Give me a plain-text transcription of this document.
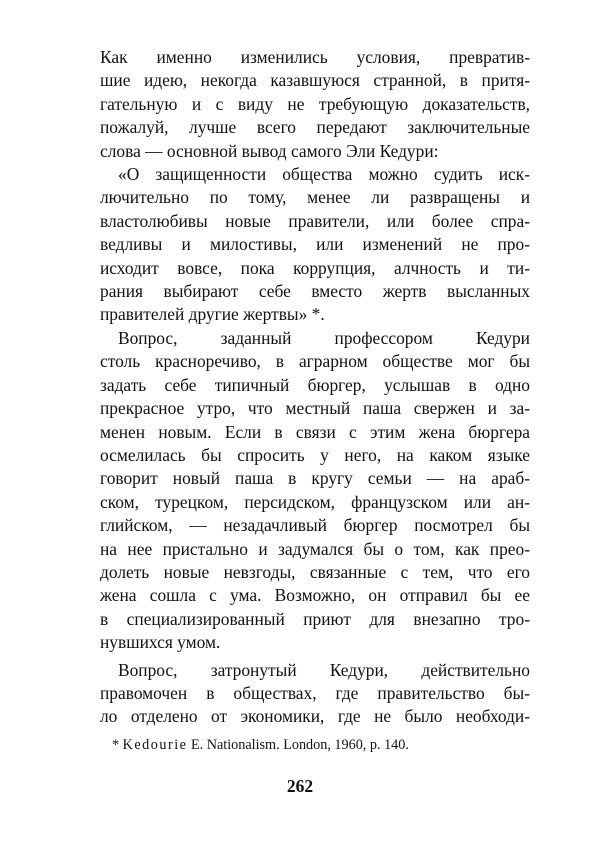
Как именно изменились условия, превратив-
шие идею, некогда казавшуюся странной, в притя-
гательную и с виду не требующую доказательств,
пожалуй, лучше всего передают заключительные
слова — основной вывод самого Эли Кедури:
«О защищенности общества можно судить иск-
лючительно по тому, менее ли развращены и
властолюбивы новые правители, или более спра-
ведливы и милостивы, или изменений не про-
исходит вовсе, пока коррупция, алчность и ти-
рания выбирают себе вместо жертв высланных
правителей другие жертвы» *.
Вопрос, заданный профессором Кедури
столь красноречиво, в аграрном обществе мог бы
задать себе типичный бюргер, услышав в одно
прекрасное утро, что местный паша свержен и за-
менен новым. Если в связи с этим жена бюргера
осмелилась бы спросить у него, на каком языке
говорит новый паша в кругу семьи — на араб-
ском, турецком, персидском, французском или ан-
глийском, — незадачливый бюргер посмотрел бы
на нее пристально и задумался бы о том, как прео-
долеть новые невзгоды, связанные с тем, что его
жена сошла с ума. Возможно, он отправил бы ее
в специализированный приют для внезапно тро-
нувшихся умом.
Вопрос, затронутый Кедури, действительно
правомочен в обществах, где правительство бы-
ло отделено от экономики, где не было необходи-
* Kedourie E. Nationalism. London, 1960, p. 140.
262
